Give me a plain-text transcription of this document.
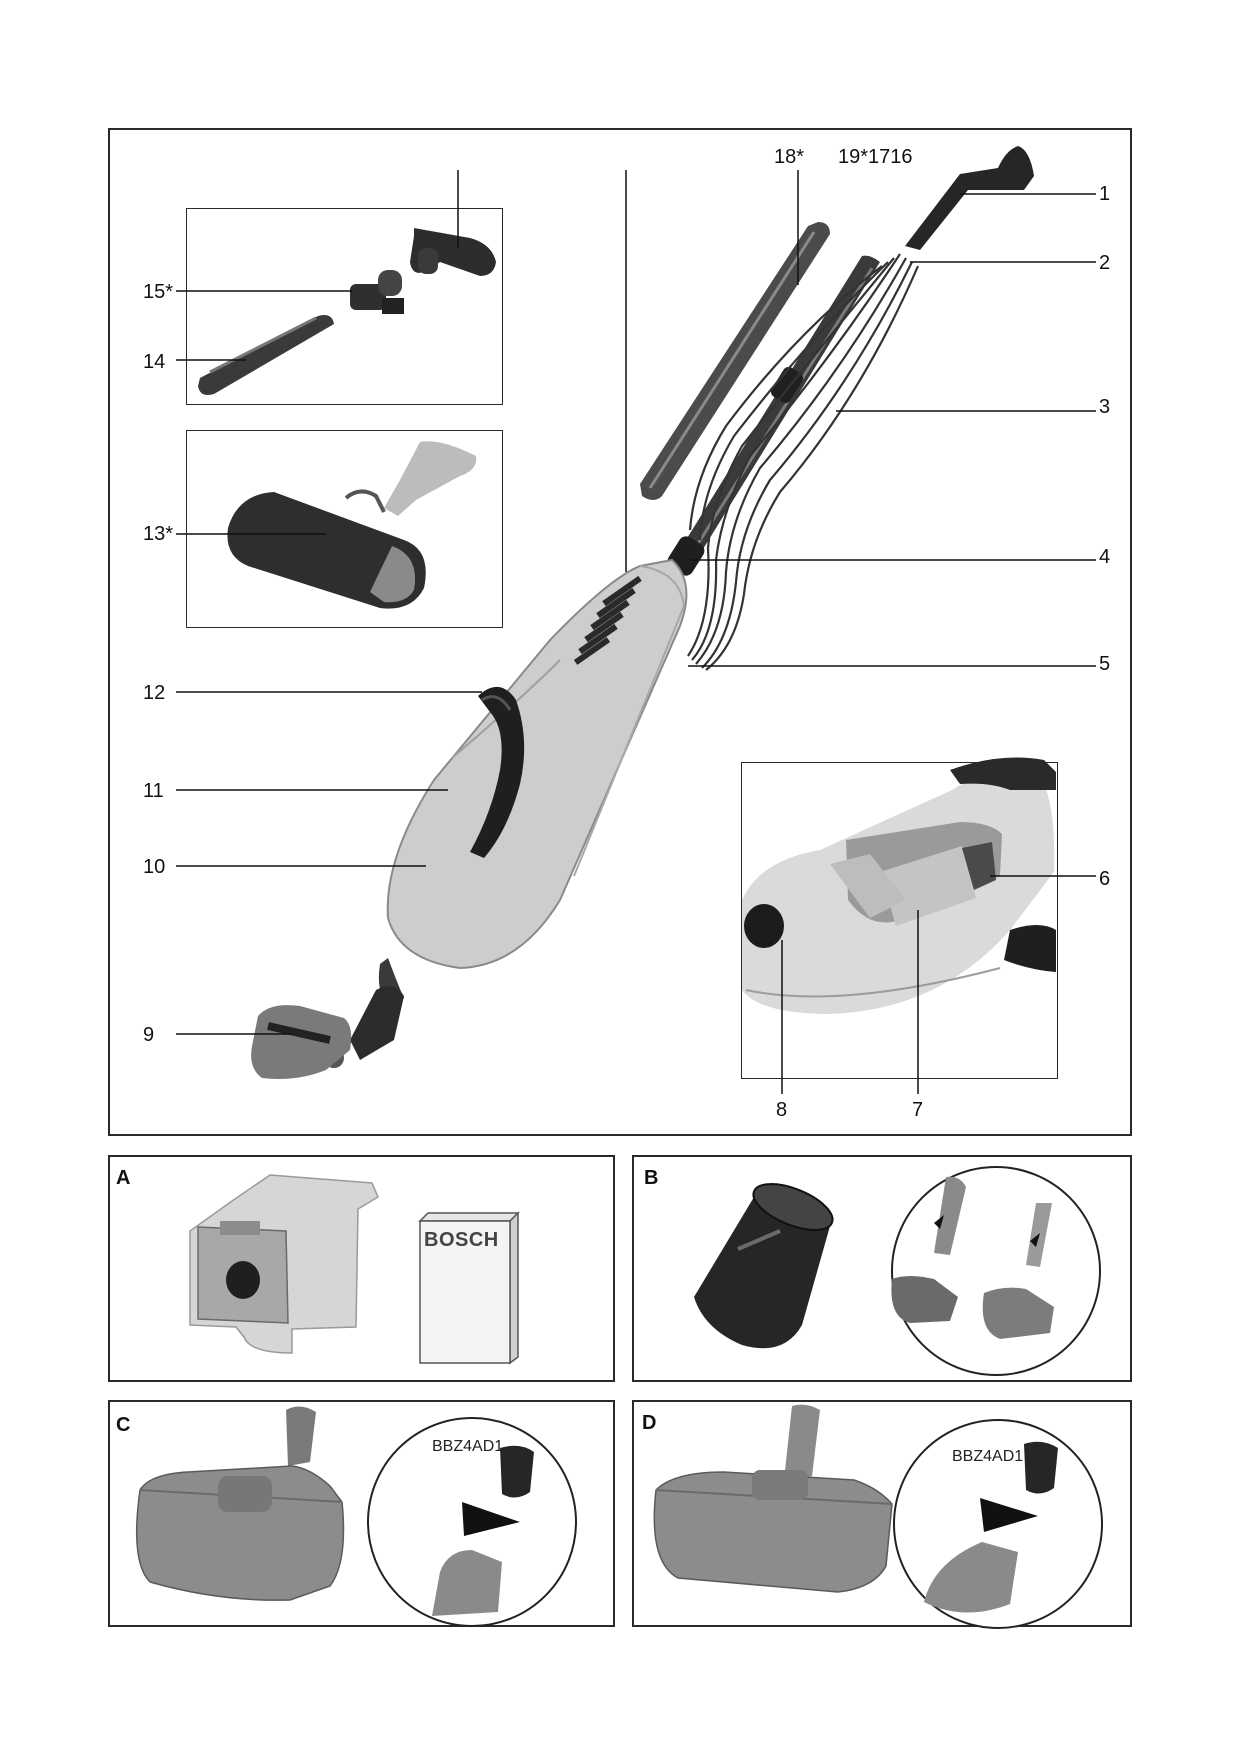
1
2
3
4
5
6
7
8
9
10
11
12
13*
14
15*
18* 19*1716
A
BOSCH
B
C
BBZ4AD1
D
BBZ4AD1
